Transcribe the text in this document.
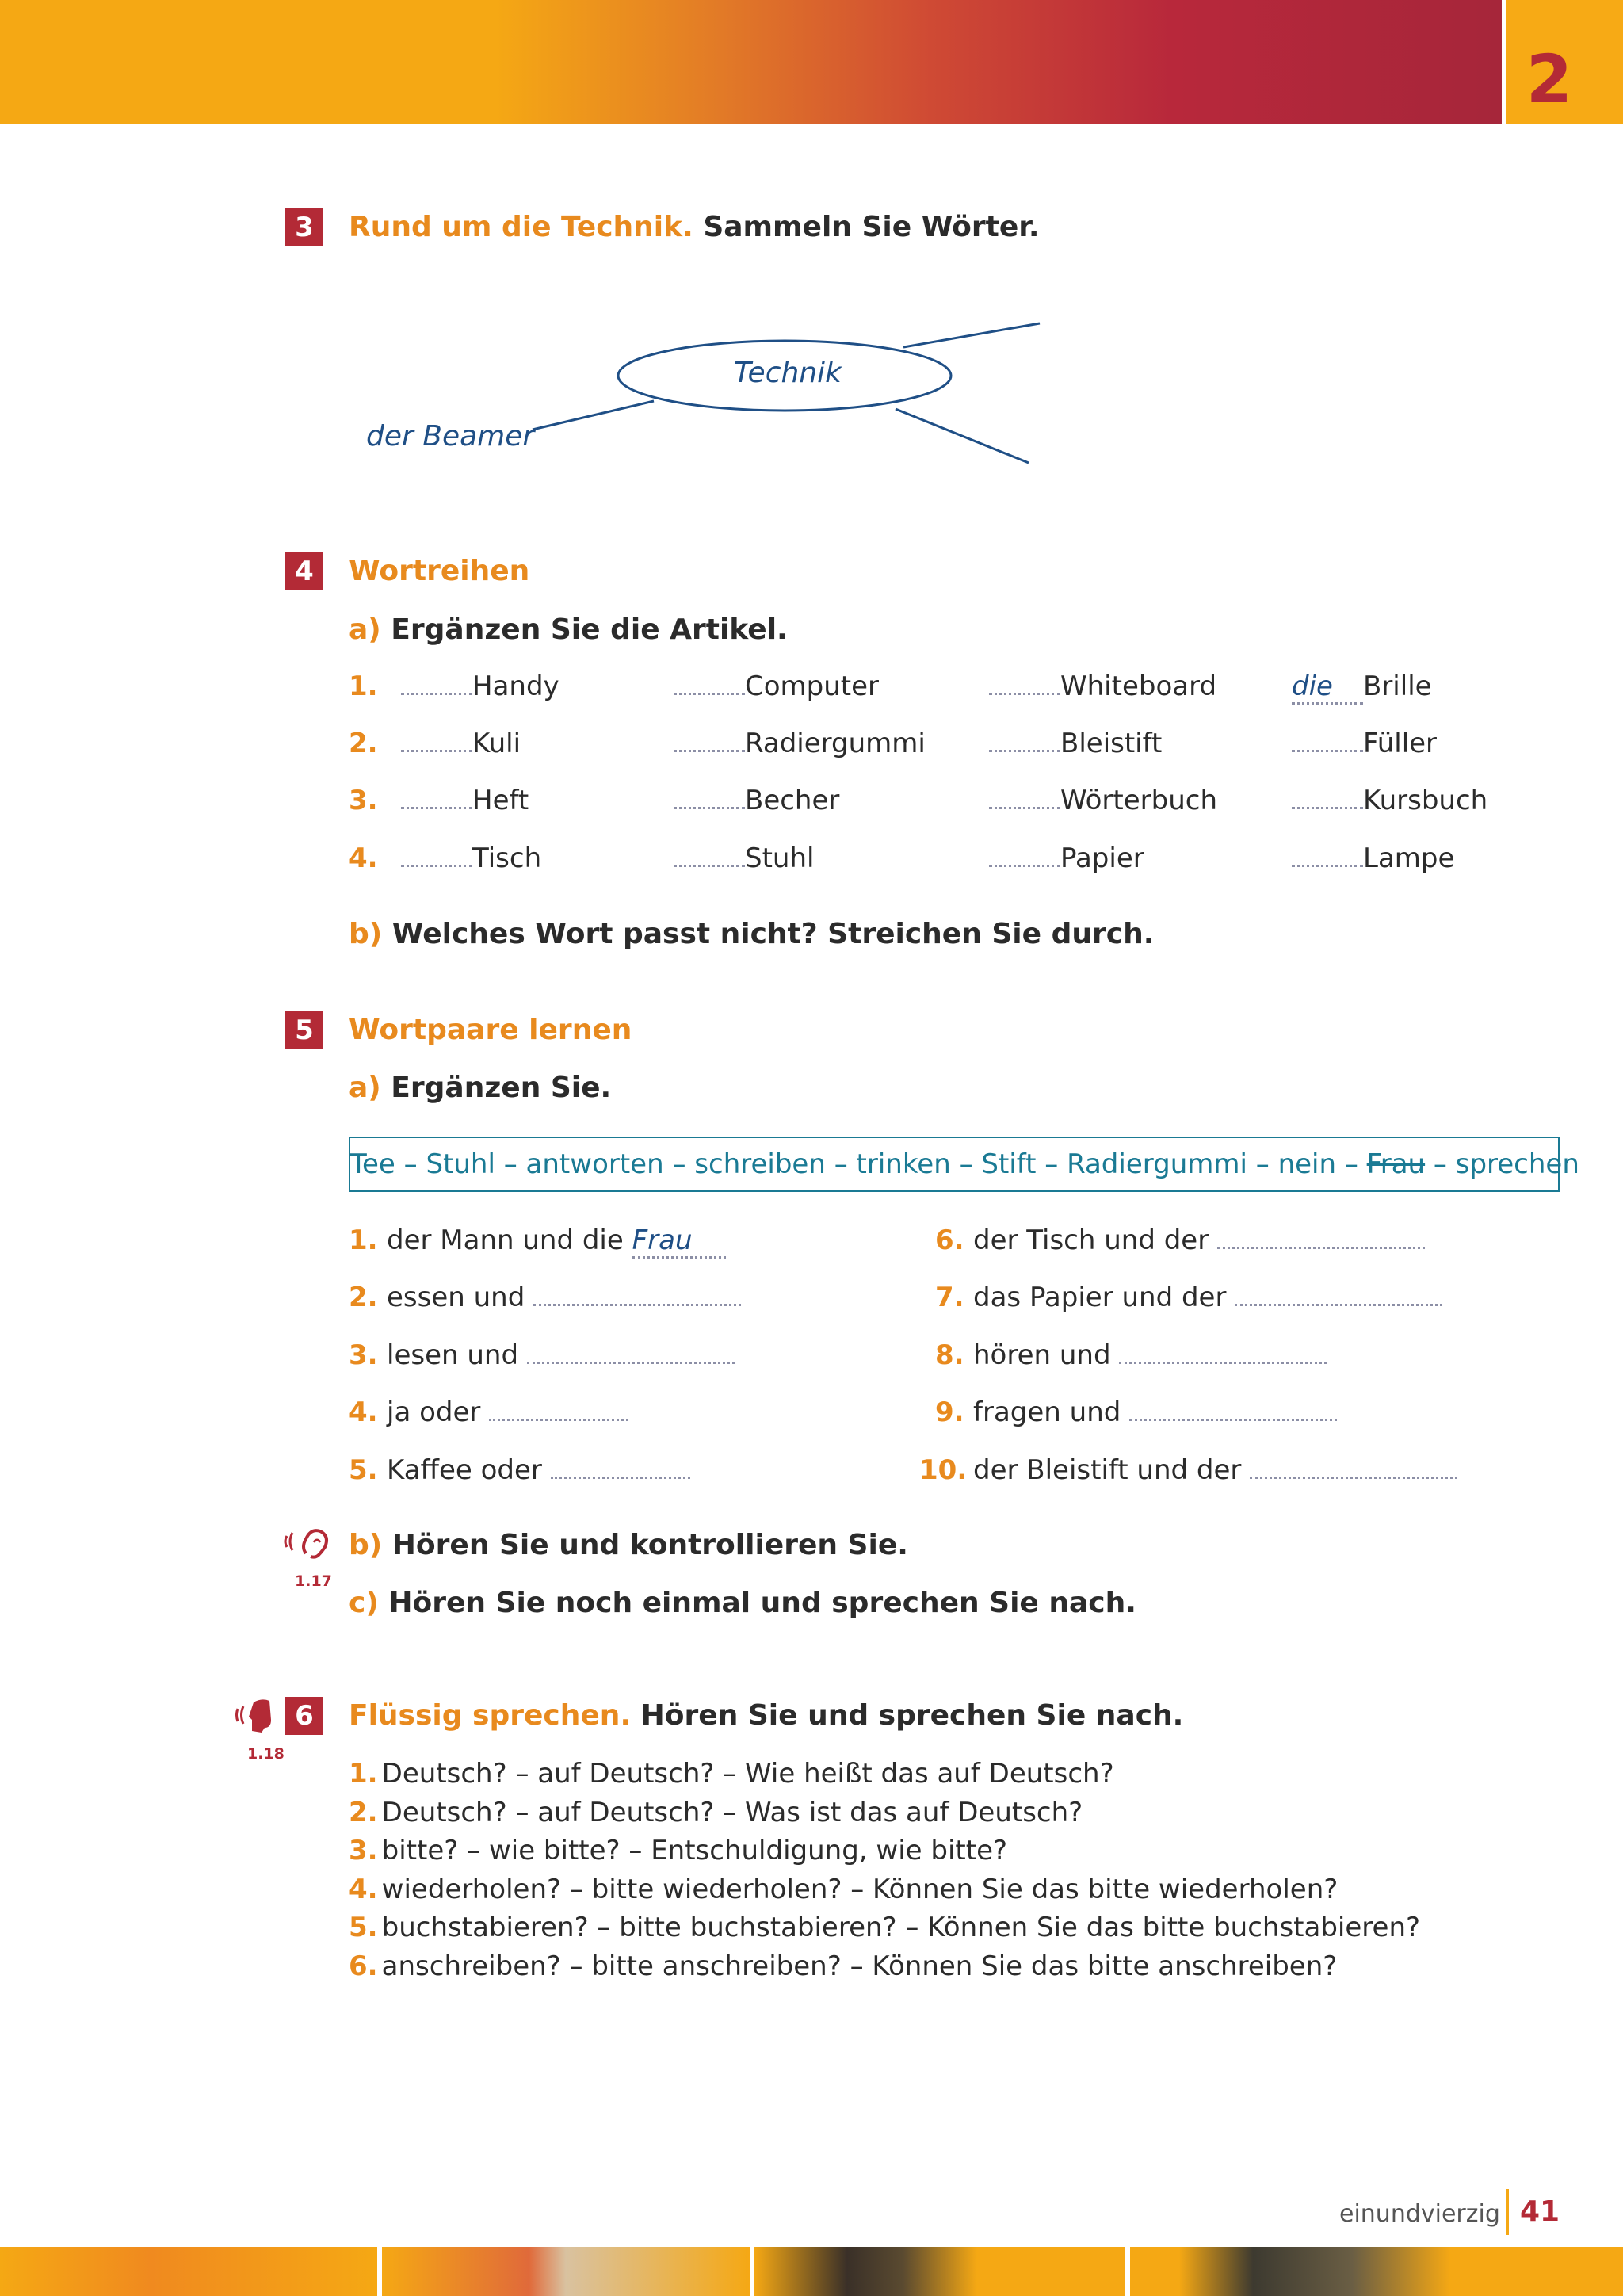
2
3	Rund um die Technik. Sammeln Sie Wörter.
Technik
der Beamer
4	Wortreihen
a) Ergänzen Sie die Artikel.
1.	Handy	Computer	Whiteboard	die Brille
2.	Kuli	Radiergummi	Bleistift	Füller
3.	Heft	Becher	Wörterbuch	Kursbuch
4.	Tisch	Stuhl	Papier	Lampe
b) Welches Wort passt nicht? Streichen Sie durch.
5	Wortpaare lernen
a) Ergänzen Sie.
Tee – Stuhl – antworten – schreiben – trinken – Stift – Radiergummi – nein – Frau – sprechen
1. der Mann und die Frau
2. essen und
3. lesen und
4. ja oder
5. Kaffee oder
6. der Tisch und der
7. das Papier und der
8. hören und
9. fragen und
10. der Bleistift und der
1.17
b) Hören Sie und kontrollieren Sie.
c) Hören Sie noch einmal und sprechen Sie nach.
1.18
6	Flüssig sprechen. Hören Sie und sprechen Sie nach.
1. Deutsch? – auf Deutsch? – Wie heißt das auf Deutsch?
2. Deutsch? – auf Deutsch? – Was ist das auf Deutsch?
3. bitte? – wie bitte? – Entschuldigung, wie bitte?
4. wiederholen? – bitte wiederholen? – Können Sie das bitte wiederholen?
5. buchstabieren? – bitte buchstabieren? – Können Sie das bitte buchstabieren?
6. anschreiben? – bitte anschreiben? – Können Sie das bitte anschreiben?
einundvierzig 41
